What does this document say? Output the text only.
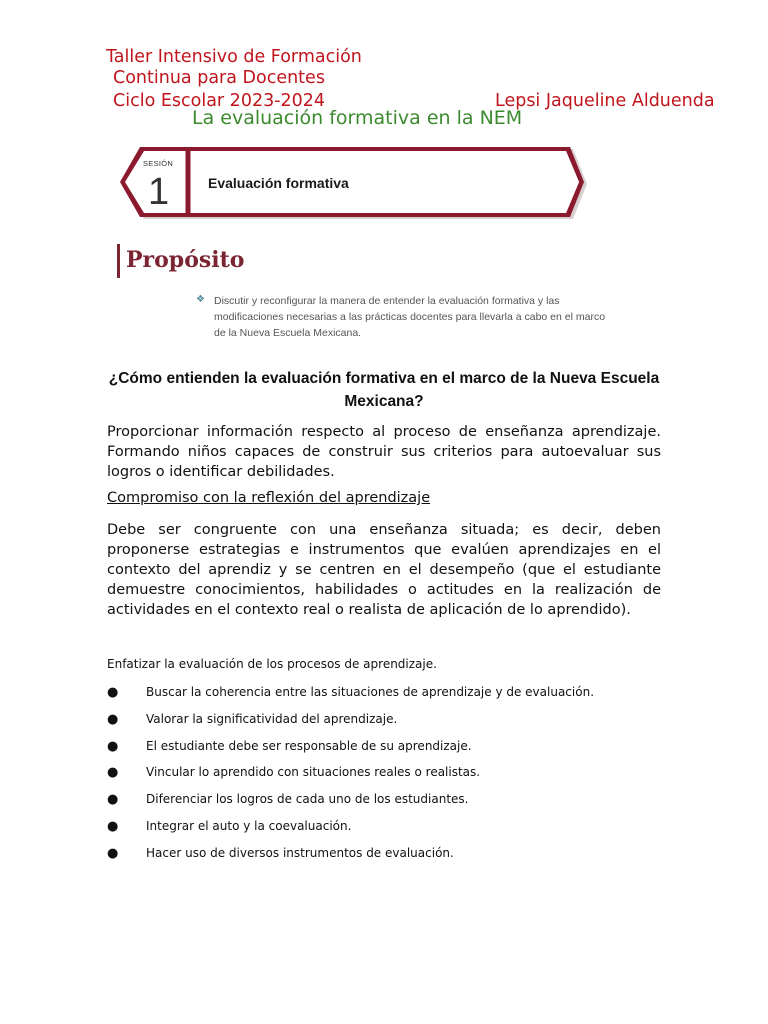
Taller Intensivo de Formación
Continua para Docentes
Ciclo Escolar 2023-2024	Lepsi Jaqueline Alduenda
La evaluación formativa en la NEM
SESIÓN
1	Evaluación formativa
Propósito
❖ Discutir y reconfigurar la manera de entender la evaluación formativa y las modificaciones necesarias a las prácticas docentes para llevarla a cabo en el marco de la Nueva Escuela Mexicana.
¿Cómo entienden la evaluación formativa en el marco de la Nueva Escuela Mexicana?
Proporcionar información respecto al proceso de enseñanza aprendizaje. Formando niños capaces de construir sus criterios para autoevaluar sus logros o identificar debilidades.
Compromiso con la reflexión del aprendizaje
Debe ser congruente con una enseñanza situada; es decir, deben proponerse estrategias e instrumentos que evalúen aprendizajes en el contexto del aprendiz y se centren en el desempeño (que el estudiante demuestre conocimientos, habilidades o actitudes en la realización de actividades en el contexto real o realista de aplicación de lo aprendido).
Enfatizar la evaluación de los procesos de aprendizaje.
● Buscar la coherencia entre las situaciones de aprendizaje y de evaluación.
● Valorar la significatividad del aprendizaje.
● El estudiante debe ser responsable de su aprendizaje.
● Vincular lo aprendido con situaciones reales o realistas.
● Diferenciar los logros de cada uno de los estudiantes.
● Integrar el auto y la coevaluación.
● Hacer uso de diversos instrumentos de evaluación.
